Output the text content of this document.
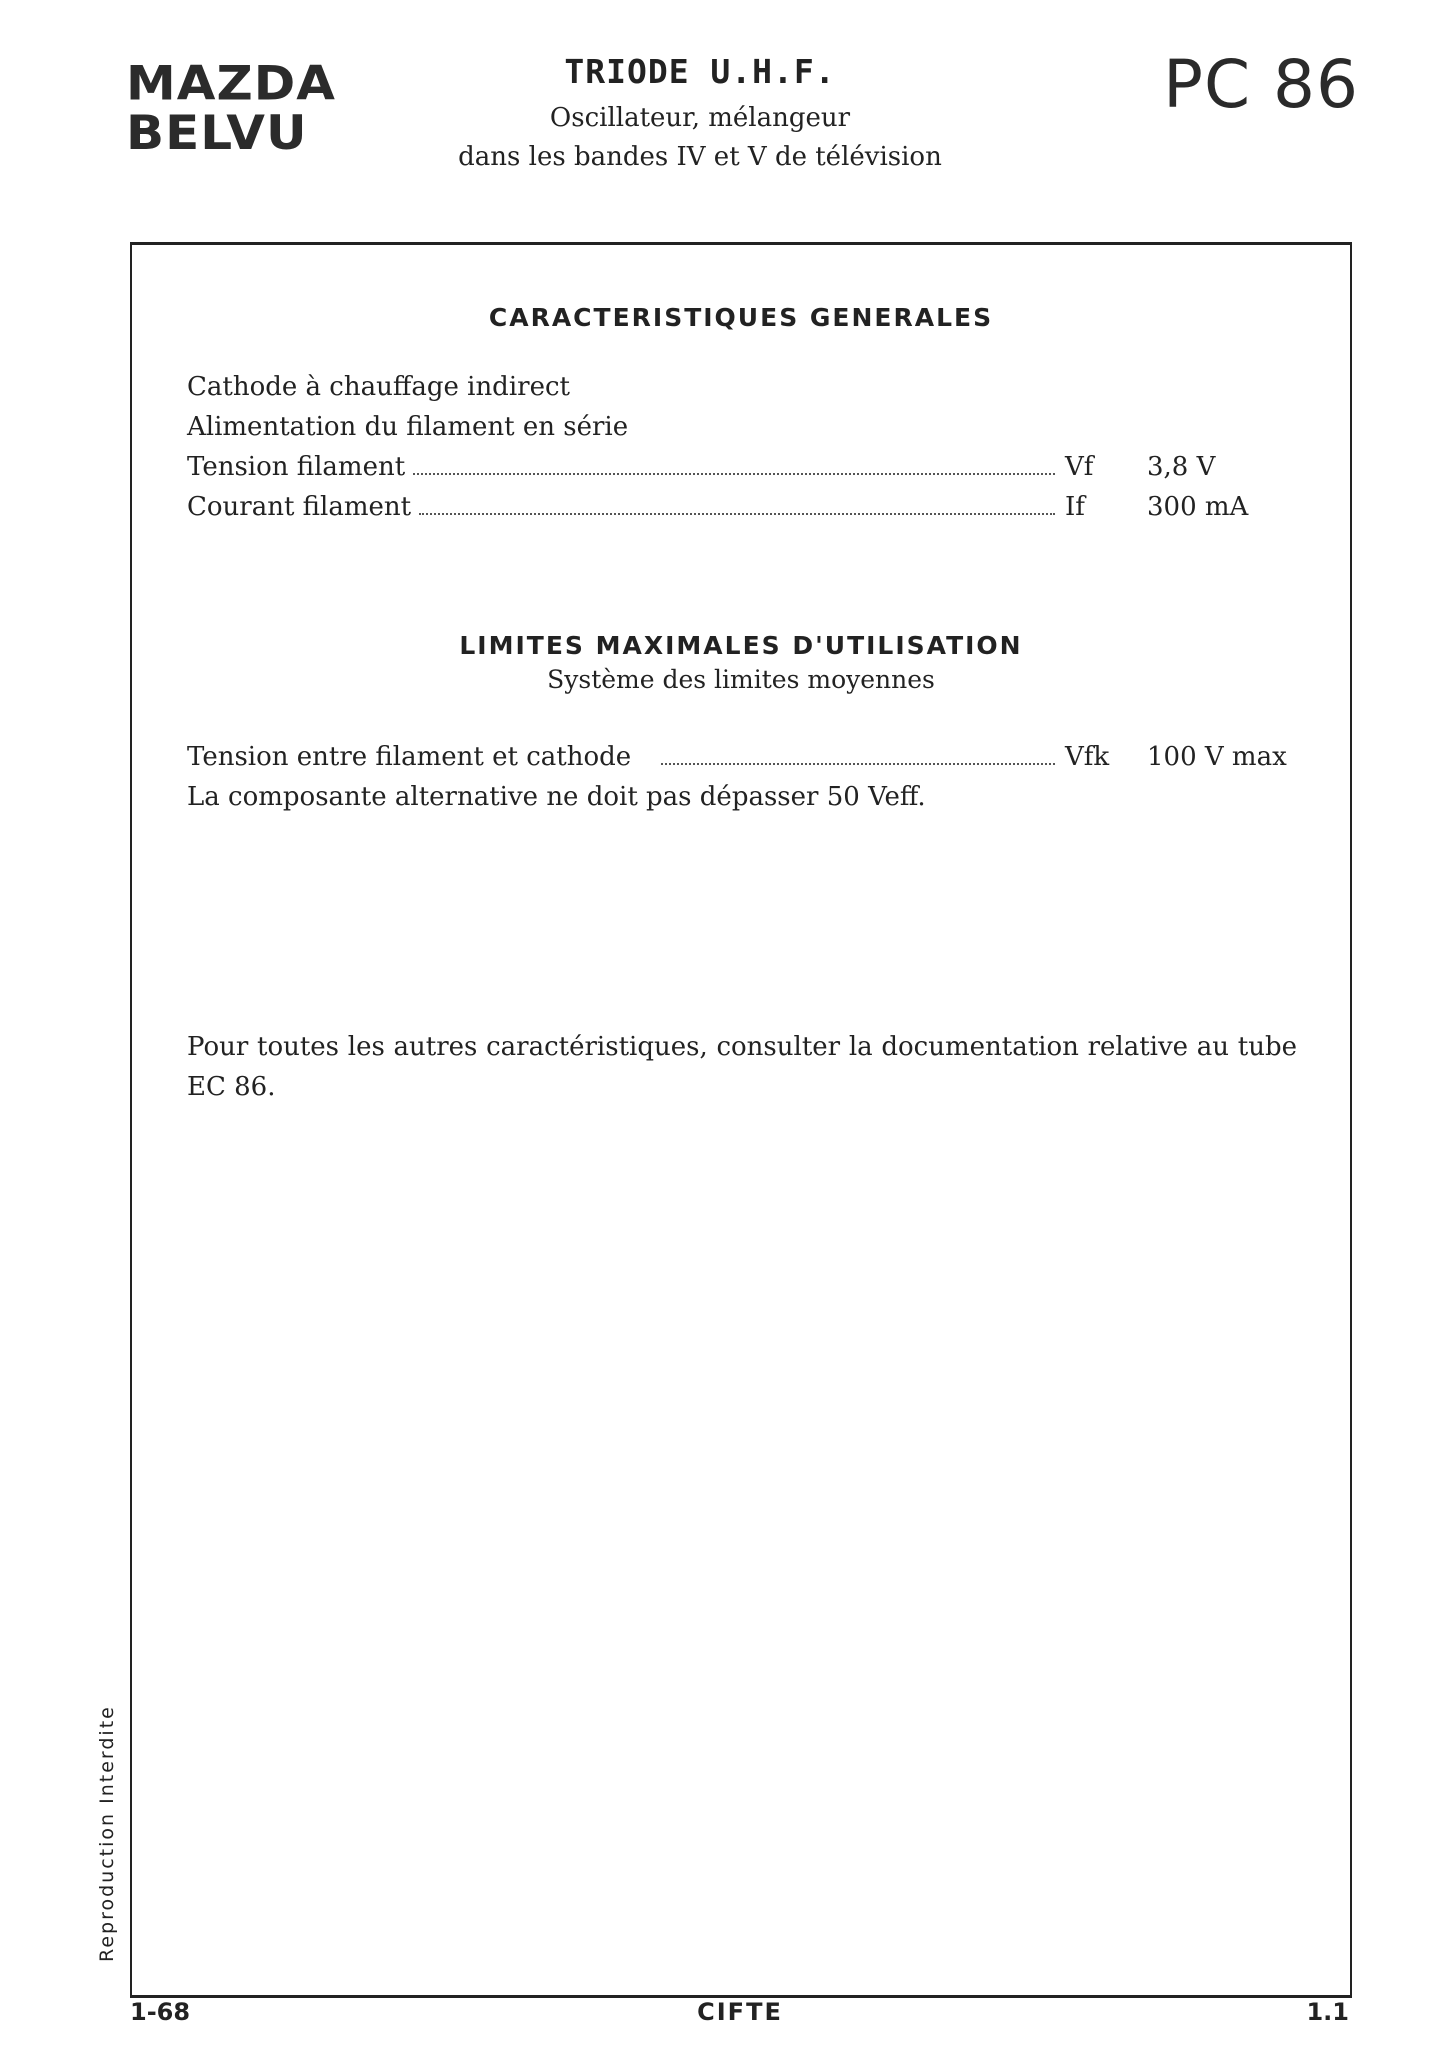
MAZDA
BELVU
TRIODE U.H.F.
Oscillateur, mélangeur
dans les bandes IV et V de télévision
PC 86
CARACTERISTIQUES GENERALES
Cathode à chauffage indirect
Alimentation du filament en série
Tension filament	Vf	3,8 V
Courant filament	If	300 mA
LIMITES MAXIMALES D'UTILISATION
Système des limites moyennes
Tension entre filament et cathode	Vfk	100 V max
La composante alternative ne doit pas dépasser 50 Veff.
Pour toutes les autres caractéristiques, consulter la documentation relative au tube EC 86.
Reproduction Interdite
1-68	CIFTE	1.1
